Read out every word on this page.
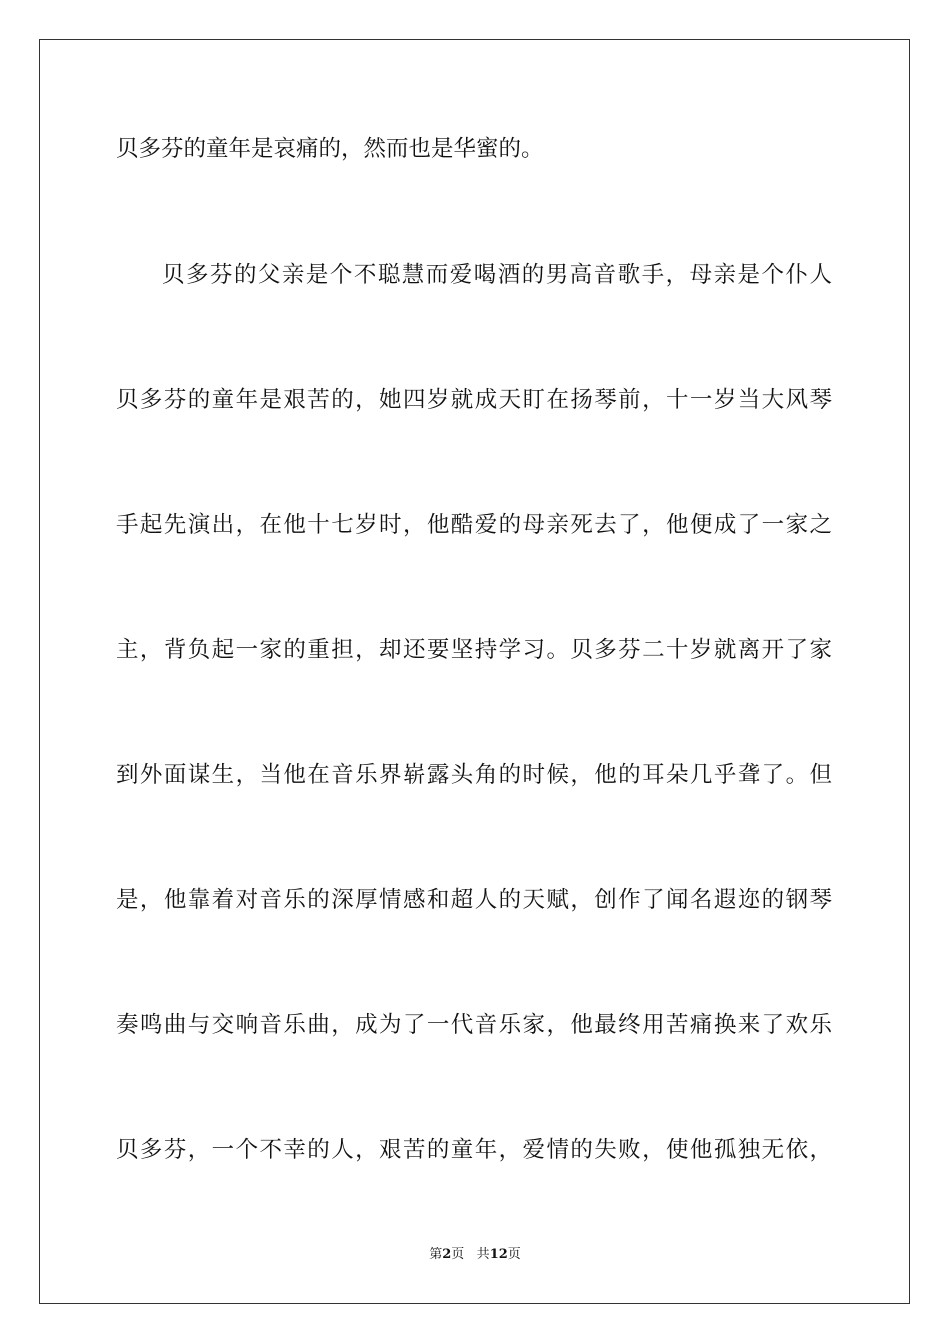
贝多芬的童年是哀痛的，然而也是华蜜的。
贝多芬的父亲是个不聪慧而爱喝酒的男高音歌手，母亲是个仆人
贝多芬的童年是艰苦的，她四岁就成天盯在扬琴前，十一岁当大风琴
手起先演出，在他十七岁时，他酷爱的母亲死去了，他便成了一家之
主，背负起一家的重担，却还要坚持学习。贝多芬二十岁就离开了家
到外面谋生，当他在音乐界崭露头角的时候，他的耳朵几乎聋了。但
是，他靠着对音乐的深厚情感和超人的天赋，创作了闻名遐迩的钢琴
奏鸣曲与交响音乐曲，成为了一代音乐家，他最终用苦痛换来了欢乐
贝多芬，一个不幸的人，艰苦的童年，爱情的失败，使他孤独无依，
第2页 共12页
